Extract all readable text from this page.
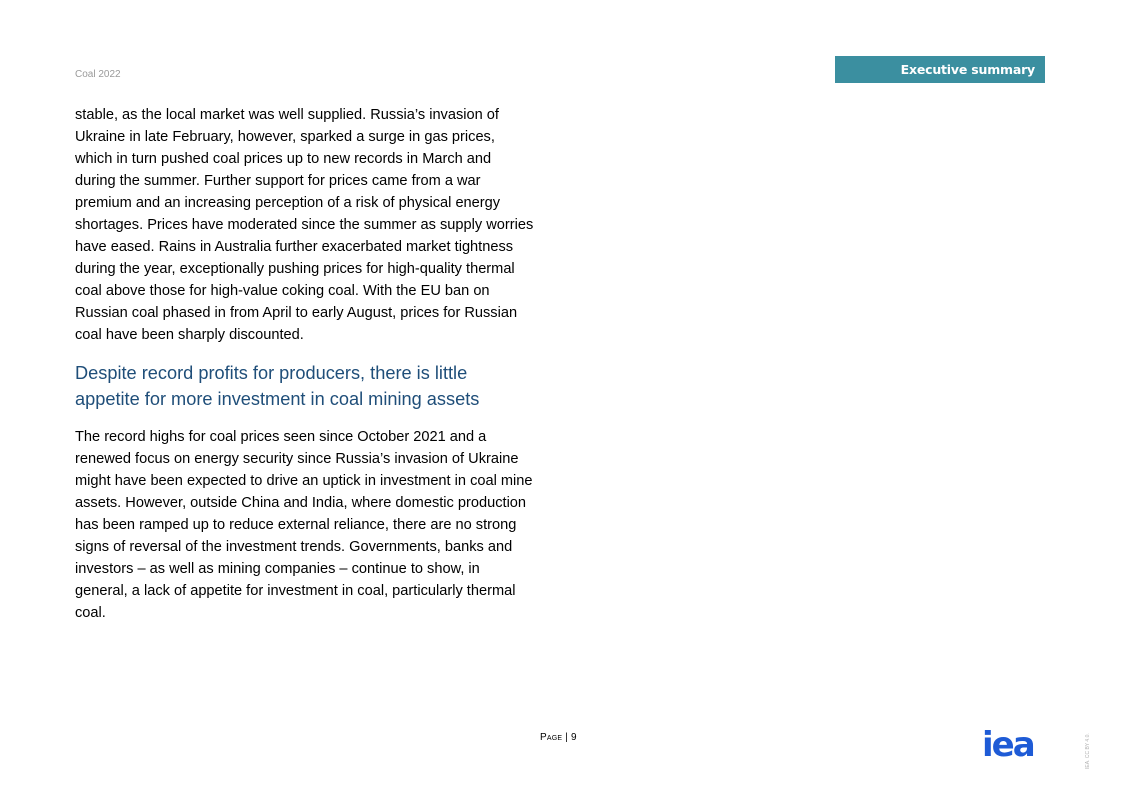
Coal 2022	Executive summary

stable, as the local market was well supplied. Russia’s invasion of Ukraine in late February, however, sparked a surge in gas prices, which in turn pushed coal prices up to new records in March and during the summer. Further support for prices came from a war premium and an increasing perception of a risk of physical energy shortages. Prices have moderated since the summer as supply worries have eased. Rains in Australia further exacerbated market tightness during the year, exceptionally pushing prices for high-quality thermal coal above those for high-value coking coal. With the EU ban on Russian coal phased in from April to early August, prices for Russian coal have been sharply discounted.

Despite record profits for producers, there is little appetite for more investment in coal mining assets

The record highs for coal prices seen since October 2021 and a renewed focus on energy security since Russia’s invasion of Ukraine might have been expected to drive an uptick in investment in coal mine assets. However, outside China and India, where domestic production has been ramped up to reduce external reliance, there are no strong signs of reversal of the investment trends. Governments, banks and investors – as well as mining companies – continue to show, in general, a lack of appetite for investment in coal, particularly thermal coal.

Page | 9	iea	IEA. CC BY 4.0.
